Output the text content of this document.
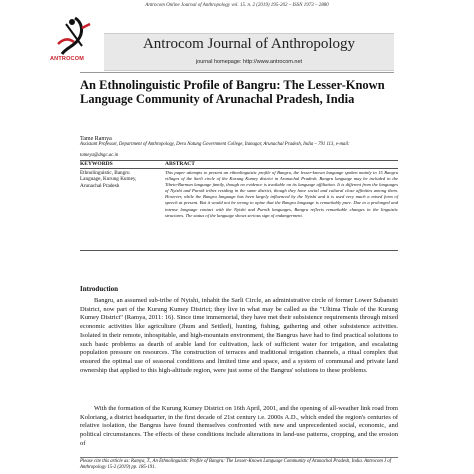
Antrocom Online Journal of Anthropology vol. 15. n. 2 (2019) 195-202 – ISSN 1973 – 2880
ANTROCOM
Antrocom Journal of Anthropology
journal homepage: http://www.antrocom.net
An Ethnolinguistic Profile of Bangru: The Lesser-Known Language Community of Arunachal Pradesh, India
Tame Ramya
Assistant Professor, Department of Anthropology, Dera Natung Government College, Itanagar, Arunachal Pradesh, India – 791 113, e-mail:
tameya@dngc.ac.in
KEYWORDS	ABSTRACT
Ethnolinguistic, Bangru
Language, Kurung Kumey,
Arunachal Pradesh
This paper attempts to present an ethnolinguistic profile of Bangru, the lesser-known language spoken mainly in 15 Bangru villages of the Sarli circle of the Kurung Kumey district in Arunachal Pradesh. Bangru language may be included in the Tibeto-Burman language family, though no evidence is available on its language affiliation. It is different from the languages of Nyishi and Puroik tribes residing in the same district, though they have social and cultural close affinities among them. However, while the Bangru language has been largely influenced by the Nyishi and it is used very much a mixed form of speech at present. But it would not be wrong to opine that the Bangru language is remarkably pure. Due to a prolonged and intense language contact with the Nyishi and Puroik languages, Bangru reflects remarkable changes in the linguistic structures. The status of the language shows serious sign of endangerment.
Introduction
Bangru, an assumed sub-tribe of Nyishi, inhabit the Sarli Circle, an administrative circle of former Lower Subansiri District, now part of the Kurung Kumey District; they live in what may be called as the "Ultima Thule of the Kurung Kumey District" (Ramya, 2011: 16). Since time immemorial, they have met their subsistence requirements through mixed economic activities like agriculture (Jhum and Settled), hunting, fishing, gathering and other subsistence activities. Isolated in their remote, inhospitable, and high-mountain environment, the Bangrus have had to find practical solutions to such basic problems as dearth of arable land for cultivation, lack of sufficient water for irrigation, and escalating population pressure on resources. The construction of terraces and traditional irrigation channels, a ritual complex that ensured the optimal use of seasonal conditions and limited time and space, and a system of communal and private land ownership that applied to this high-altitude region, were just some of the Bangrus' solutions to these problems.
With the formation of the Kurung Kumey District on 16th April, 2001, and the opening of all-weather link road from Koloriang, a district headquarter, in the first decade of 21st century i.e. 2000s A.D., which ended the region's centuries of relative isolation, the Bangrus have found themselves confronted with new and unprecedented social, economic, and political circumstances. The effects of these conditions include alterations in land-use patterns, cropping, and the erosion of
Please cite this article as: Ramya, T., An Ethnolinguistic Profile of Bangru: The Lesser-Known Language Community of Arunachal Pradesh, India. Antrocom J of Anthropology 15-2 (2019) pp. 185-191.
